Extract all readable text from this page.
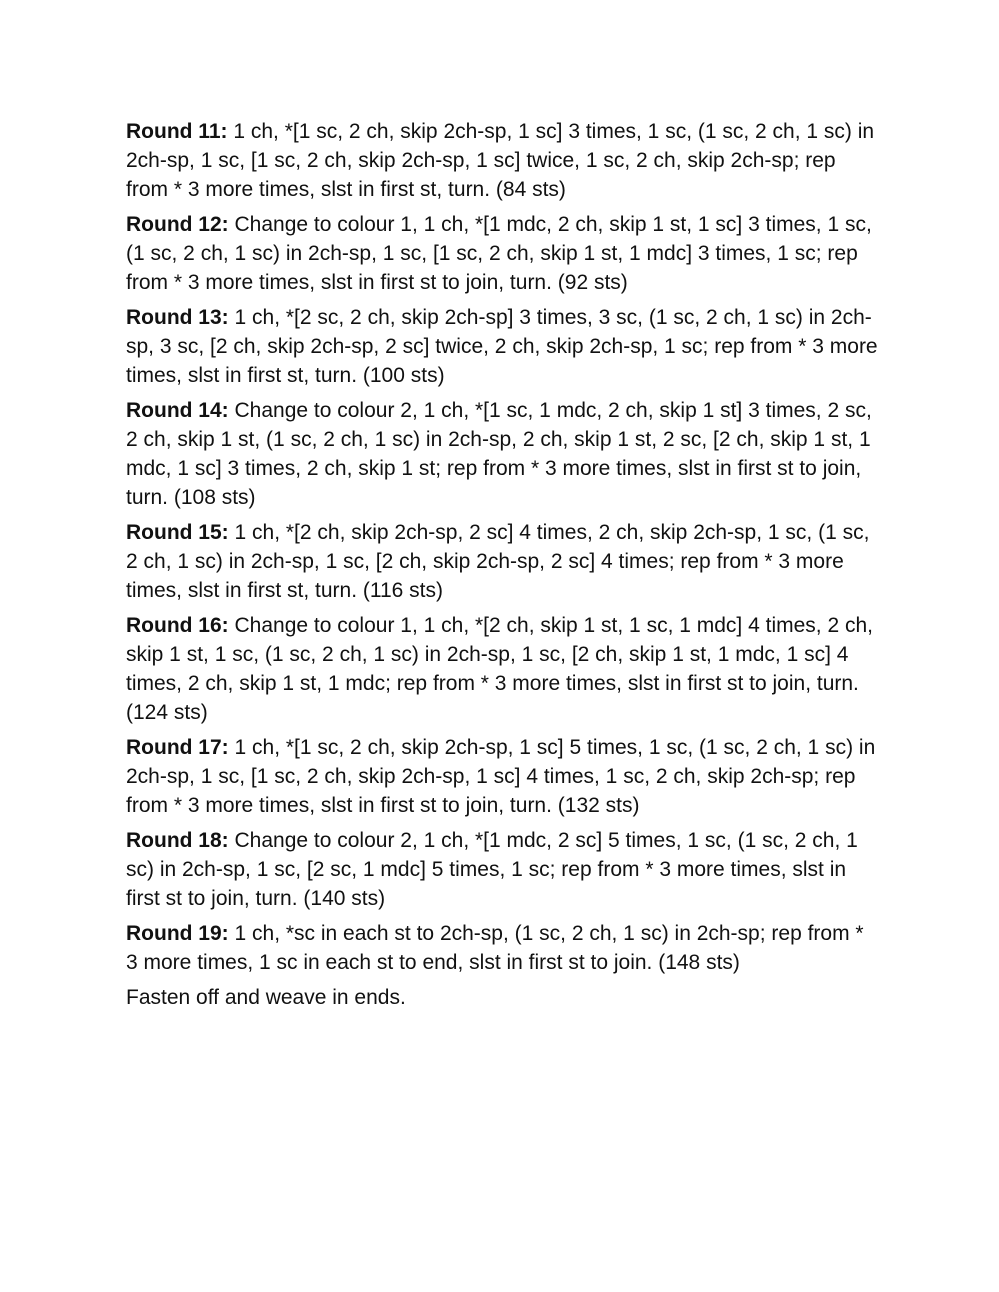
Round 11: 1 ch, *[1 sc, 2 ch, skip 2ch-sp, 1 sc] 3 times, 1 sc, (1 sc, 2 ch, 1 sc) in 2ch-sp, 1 sc, [1 sc, 2 ch, skip 2ch-sp, 1 sc] twice, 1 sc, 2 ch, skip 2ch-sp; rep from * 3 more times, slst in first st, turn. (84 sts)

Round 12: Change to colour 1, 1 ch, *[1 mdc, 2 ch, skip 1 st, 1 sc] 3 times, 1 sc, (1 sc, 2 ch, 1 sc) in 2ch-sp, 1 sc, [1 sc, 2 ch, skip 1 st, 1 mdc] 3 times, 1 sc; rep from * 3 more times, slst in first st to join, turn. (92 sts)

Round 13: 1 ch, *[2 sc, 2 ch, skip 2ch-sp] 3 times, 3 sc, (1 sc, 2 ch, 1 sc) in 2ch-sp, 3 sc, [2 ch, skip 2ch-sp, 2 sc] twice, 2 ch, skip 2ch-sp, 1 sc; rep from * 3 more times, slst in first st, turn. (100 sts)

Round 14: Change to colour 2, 1 ch, *[1 sc, 1 mdc, 2 ch, skip 1 st] 3 times, 2 sc, 2 ch, skip 1 st, (1 sc, 2 ch, 1 sc) in 2ch-sp, 2 ch, skip 1 st, 2 sc, [2 ch, skip 1 st, 1 mdc, 1 sc] 3 times, 2 ch, skip 1 st; rep from * 3 more times, slst in first st to join, turn. (108 sts)

Round 15: 1 ch, *[2 ch, skip 2ch-sp, 2 sc] 4 times, 2 ch, skip 2ch-sp, 1 sc, (1 sc, 2 ch, 1 sc) in 2ch-sp, 1 sc, [2 ch, skip 2ch-sp, 2 sc] 4 times; rep from * 3 more times, slst in first st, turn. (116 sts)

Round 16: Change to colour 1, 1 ch, *[2 ch, skip 1 st, 1 sc, 1 mdc] 4 times, 2 ch, skip 1 st, 1 sc, (1 sc, 2 ch, 1 sc) in 2ch-sp, 1 sc, [2 ch, skip 1 st, 1 mdc, 1 sc] 4 times, 2 ch, skip 1 st, 1 mdc; rep from * 3 more times, slst in first st to join, turn. (124 sts)

Round 17: 1 ch, *[1 sc, 2 ch, skip 2ch-sp, 1 sc] 5 times, 1 sc, (1 sc, 2 ch, 1 sc) in 2ch-sp, 1 sc, [1 sc, 2 ch, skip 2ch-sp, 1 sc] 4 times, 1 sc, 2 ch, skip 2ch-sp; rep from * 3 more times, slst in first st to join, turn. (132 sts)

Round 18: Change to colour 2, 1 ch, *[1 mdc, 2 sc] 5 times, 1 sc, (1 sc, 2 ch, 1 sc) in 2ch-sp, 1 sc, [2 sc, 1 mdc] 5 times, 1 sc; rep from * 3 more times, slst in first st to join, turn. (140 sts)

Round 19: 1 ch, *sc in each st to 2ch-sp, (1 sc, 2 ch, 1 sc) in 2ch-sp; rep from * 3 more times, 1 sc in each st to end, slst in first st to join. (148 sts)

Fasten off and weave in ends.
